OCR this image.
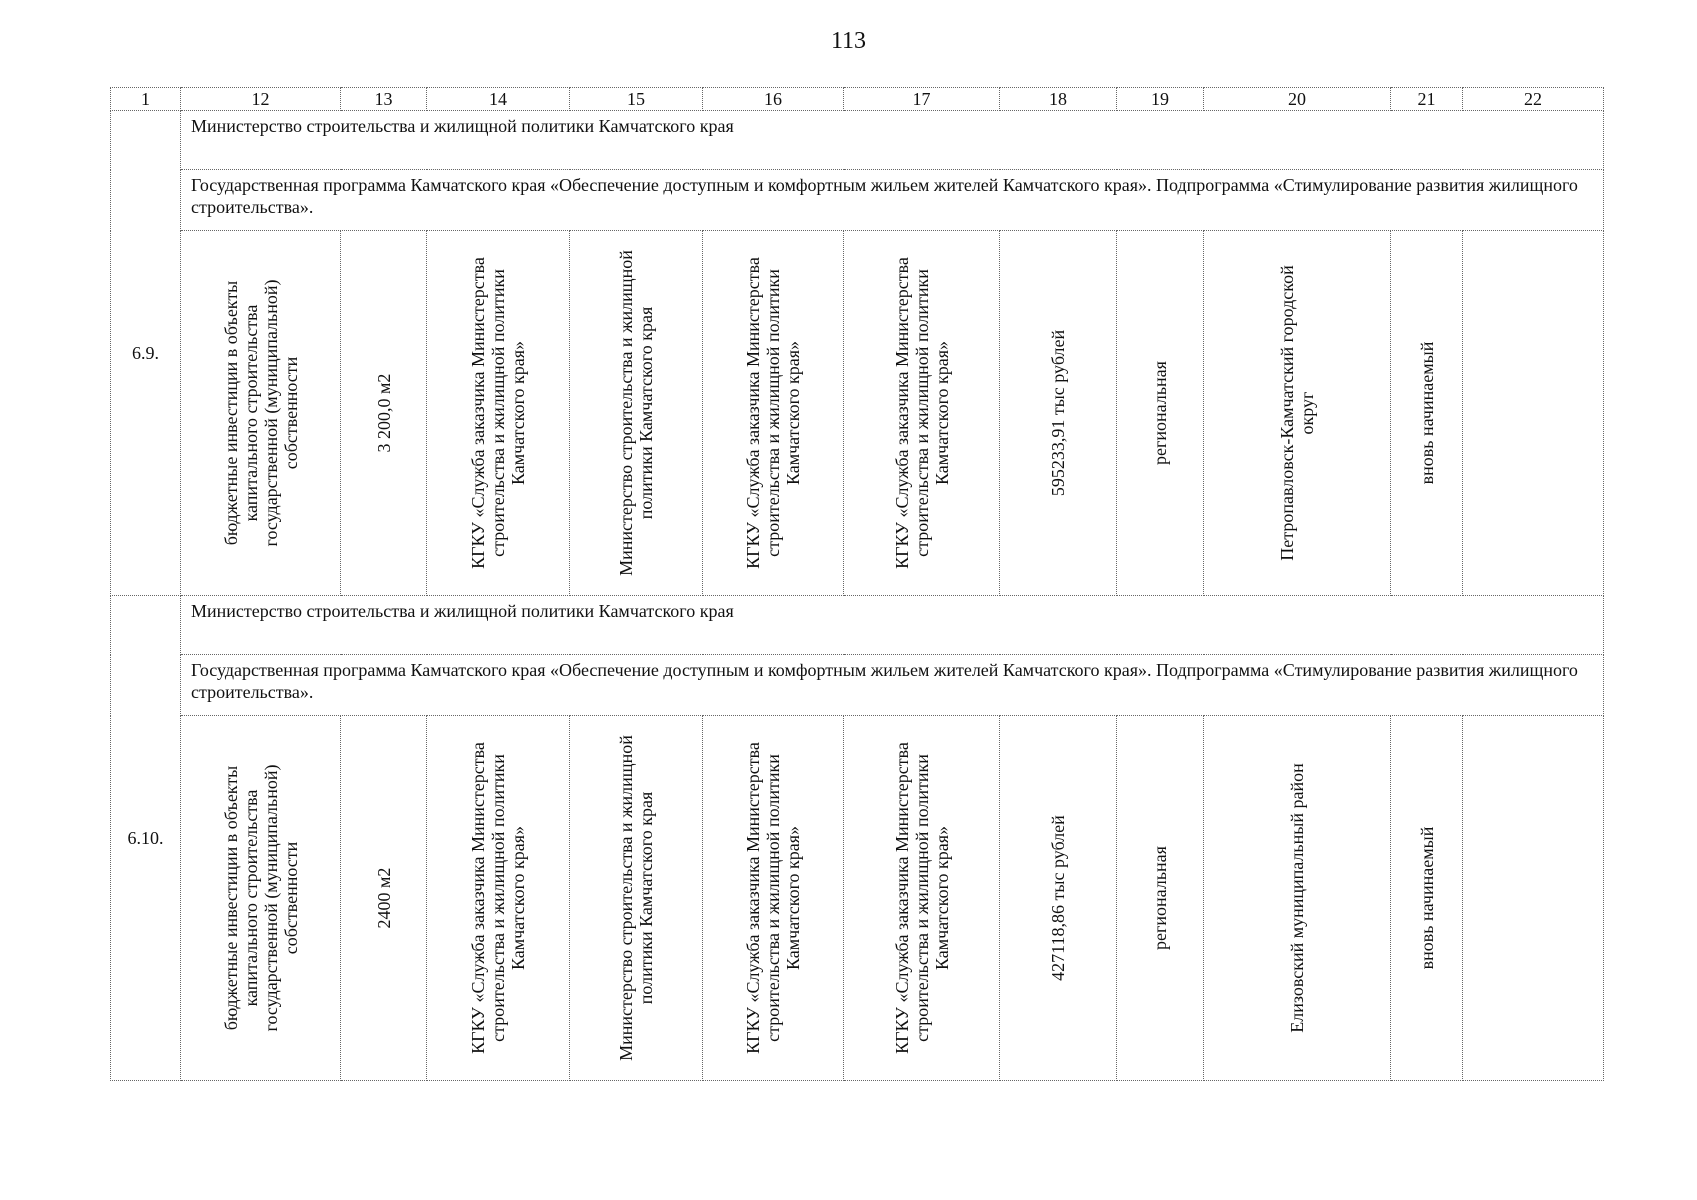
113
1	12	13	14	15	16	17	18	19	20	21	22
6.9.	Министерство строительства и жилищной политики Камчатского края										

	Государственная программа Камчатского края «Обеспечение доступным и комфортным жильем жителей Камчатского края». Подпрограмма «Стимулирование развития жилищного строительства».										

	бюджетные инвестиции в объекты капитального строительства государственной (муниципальной) собственности	3 200,0 м2	КГКУ «Служба заказчика Министерства строительства и жилищной политики Камчатского края»	Министерство строительства и жилищной политики Камчатского края	КГКУ «Служба заказчика Министерства строительства и жилищной политики Камчатского края»	КГКУ «Служба заказчика Министерства строительства и жилищной политики Камчатского края»	595233,91 тыс рублей	региональная	Петропавловск-Камчатский городской округ	вновь начинаемый	

6.10.	Министерство строительства и жилищной политики Камчатского края										

	Государственная программа Камчатского края «Обеспечение доступным и комфортным жильем жителей Камчатского края». Подпрограмма «Стимулирование развития жилищного строительства».										

	бюджетные инвестиции в объекты капитального строительства государственной (муниципальной) собственности	2400 м2	КГКУ «Служба заказчика Министерства строительства и жилищной политики Камчатского края»	Министерство строительства и жилищной политики Камчатского края	КГКУ «Служба заказчика Министерства строительства и жилищной политики Камчатского края»	КГКУ «Служба заказчика Министерства строительства и жилищной политики Камчатского края»	427118,86 тыс рублей	региональная	Елизовский муниципальный район	вновь начинаемый	
